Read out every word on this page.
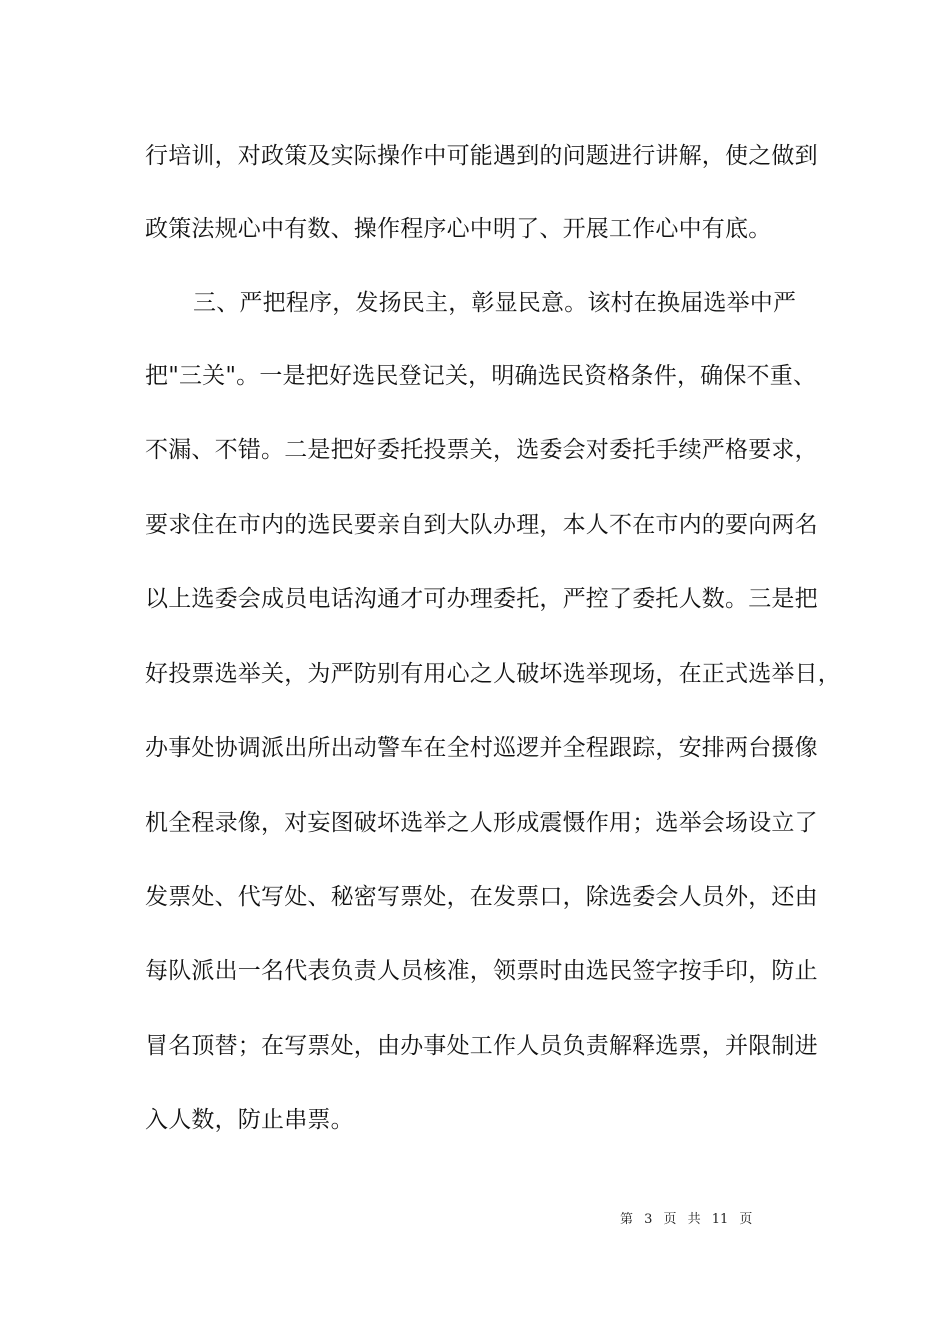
行培训，对政策及实际操作中可能遇到的问题进行讲解，使之做到
政策法规心中有数、操作程序心中明了、开展工作心中有底。
三、严把程序，发扬民主，彰显民意。该村在换届选举中严
把"三关"。一是把好选民登记关，明确选民资格条件，确保不重、
不漏、不错。二是把好委托投票关，选委会对委托手续严格要求，
要求住在市内的选民要亲自到大队办理，本人不在市内的要向两名
以上选委会成员电话沟通才可办理委托，严控了委托人数。三是把
好投票选举关，为严防别有用心之人破坏选举现场，在正式选举日，
办事处协调派出所出动警车在全村巡逻并全程跟踪，安排两台摄像
机全程录像，对妄图破坏选举之人形成震慑作用；选举会场设立了
发票处、代写处、秘密写票处，在发票口，除选委会人员外，还由
每队派出一名代表负责人员核准，领票时由选民签字按手印，防止
冒名顶替；在写票处，由办事处工作人员负责解释选票，并限制进
入人数，防止串票。
第 3 页 共 11 页
